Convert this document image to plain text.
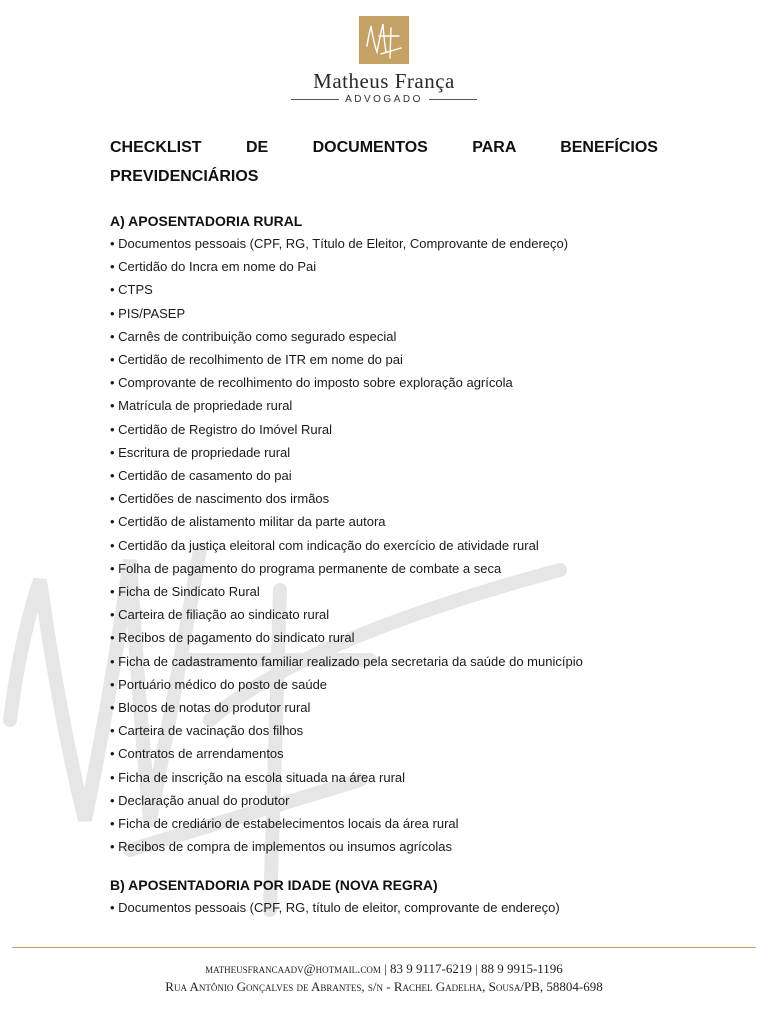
Matheus França
ADVOGADO
CHECKLIST	DE	DOCUMENTOS	PARA	BENEFÍCIOS
PREVIDENCIÁRIOS
A) APOSENTADORIA RURAL
• Documentos pessoais (CPF, RG, Título de Eleitor, Comprovante de endereço)
• Certidão do Incra em nome do Pai
• CTPS
• PIS/PASEP
• Carnês de contribuição como segurado especial
• Certidão de recolhimento de ITR em nome do pai
• Comprovante de recolhimento do imposto sobre exploração agrícola
• Matrícula de propriedade rural
• Certidão de Registro do Imóvel Rural
• Escritura de propriedade rural
• Certidão de casamento do pai
• Certidões de nascimento dos irmãos
• Certidão de alistamento militar da parte autora
• Certidão da justiça eleitoral com indicação do exercício de atividade rural
• Folha de pagamento do programa permanente de combate a seca
• Ficha de Sindicato Rural
• Carteira de filiação ao sindicato rural
• Recibos de pagamento do sindicato rural
• Ficha de cadastramento familiar realizado pela secretaria da saúde do município
• Portuário médico do posto de saúde
• Blocos de notas do produtor rural
• Carteira de vacinação dos filhos
• Contratos de arrendamentos
• Ficha de inscrição na escola situada na área rural
• Declaração anual do produtor
• Ficha de crediário de estabelecimentos locais da área rural
• Recibos de compra de implementos ou insumos agrícolas
B) APOSENTADORIA POR IDADE (NOVA REGRA)
• Documentos pessoais (CPF, RG, título de eleitor, comprovante de endereço)
matheusfrancaadv@hotmail.com | 83 9 9117-6219 | 88 9 9915-1196
Rua Antônio Gonçalves de Abrantes, s/n - Rachel Gadelha, Sousa/PB, 58804-698
